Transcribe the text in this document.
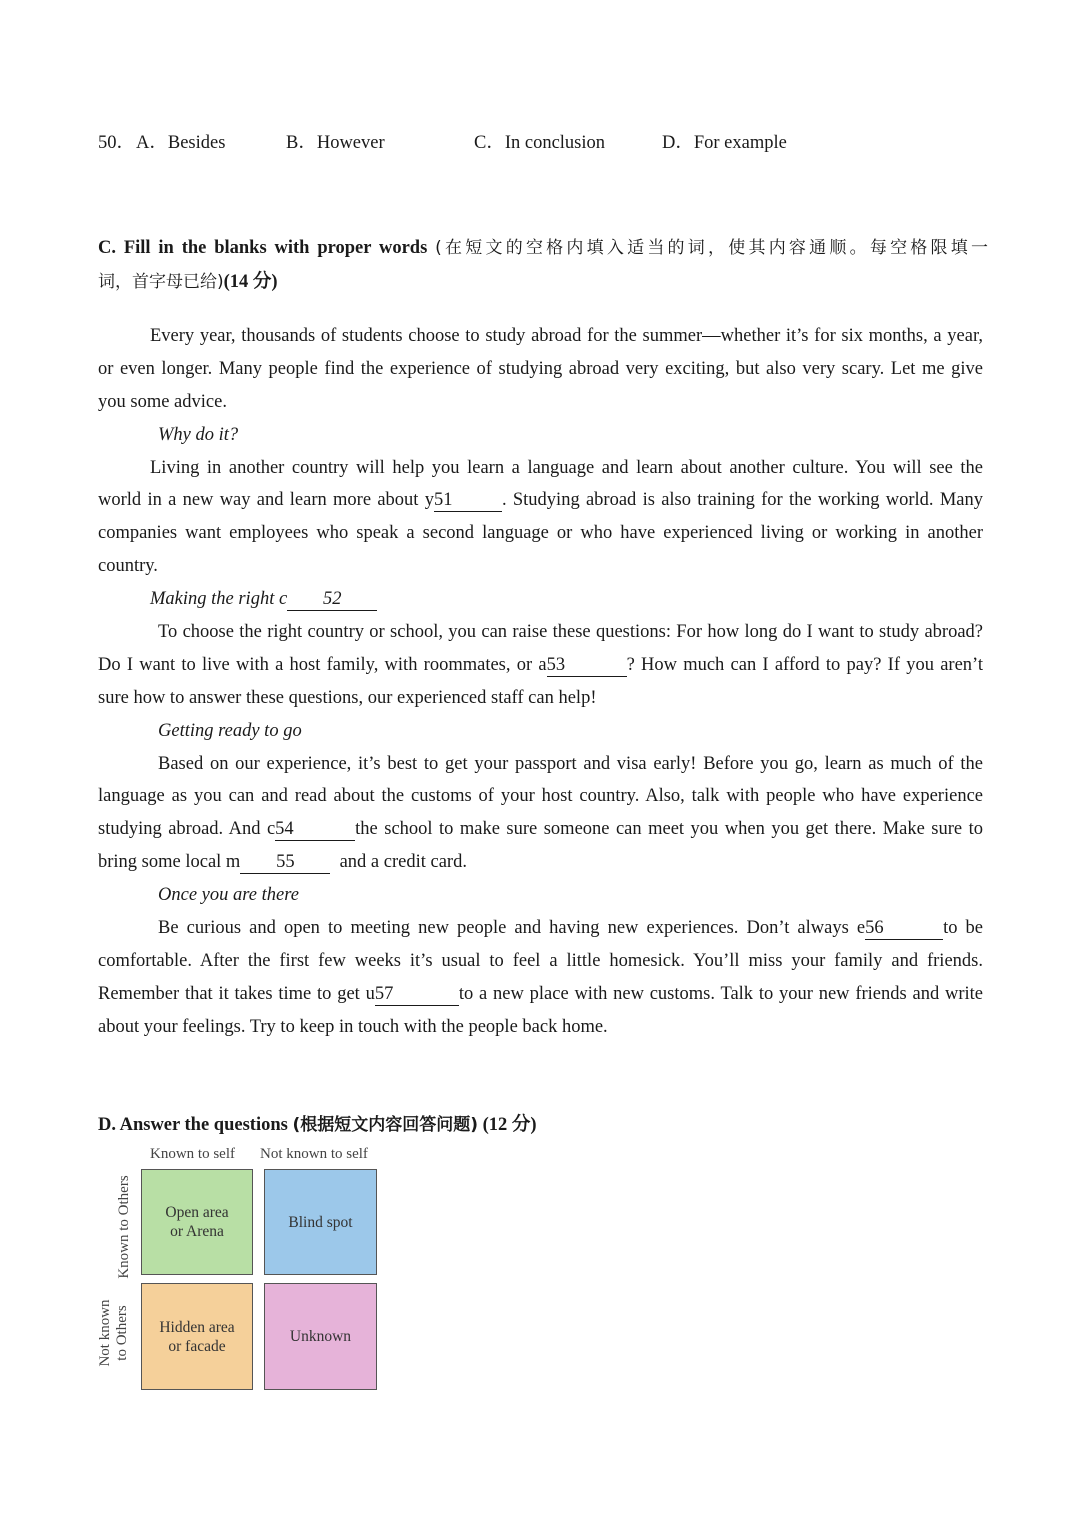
50． A．Besides	B．However	C．In conclusion	D．For example
C. Fill in the blanks with proper words (在短文的空格内填入适当的词，使其内容通顺。每空格限填一
词，首字母已给)(14 分)
Every year, thousands of students choose to study abroad for the summer—whether it’s for six months, a year,
or even longer. Many people find the experience of studying abroad very exciting, but also very scary. Let me give
you some advice.
Why do it?
Living in another country will help you learn a language and learn about another culture. You will see the
world in a new way and learn more about y51	. Studying abroad is also training for the working world. Many
companies want employees who speak a second language or who have experienced living or working in another
country.
Making the right c 52
To choose the right country or school, you can raise these questions: For how long do I want to study abroad?
Do I want to live with a host family, with roommates, or a53	? How much can I afford to pay? If you aren’t
sure how to answer these questions, our experienced staff can help!
Getting ready to go
Based on our experience, it’s best to get your passport and visa early! Before you go, learn as much of the
language as you can and read about the customs of your host country. Also, talk with people who have experience
studying abroad. And c54	the school to make sure someone can meet you when you get there. Make sure to
bring some local m 55 and a credit card.
Once you are there
Be curious and open to meeting new people and having new experiences. Don’t always e56	to be
comfortable. After the first few weeks it’s usual to feel a little homesick. You’ll miss your family and friends.
Remember that it takes time to get u57	to a new place with new customs. Talk to your new friends and write
about your feelings. Try to keep in touch with the people back home.
D. Answer the questions (根据短文内容回答问题) (12 分)
Known to self Not known to self
Known to Others
Not known
to Others
Open area
or Arena
Blind spot
Hidden area
or facade
Unknown
